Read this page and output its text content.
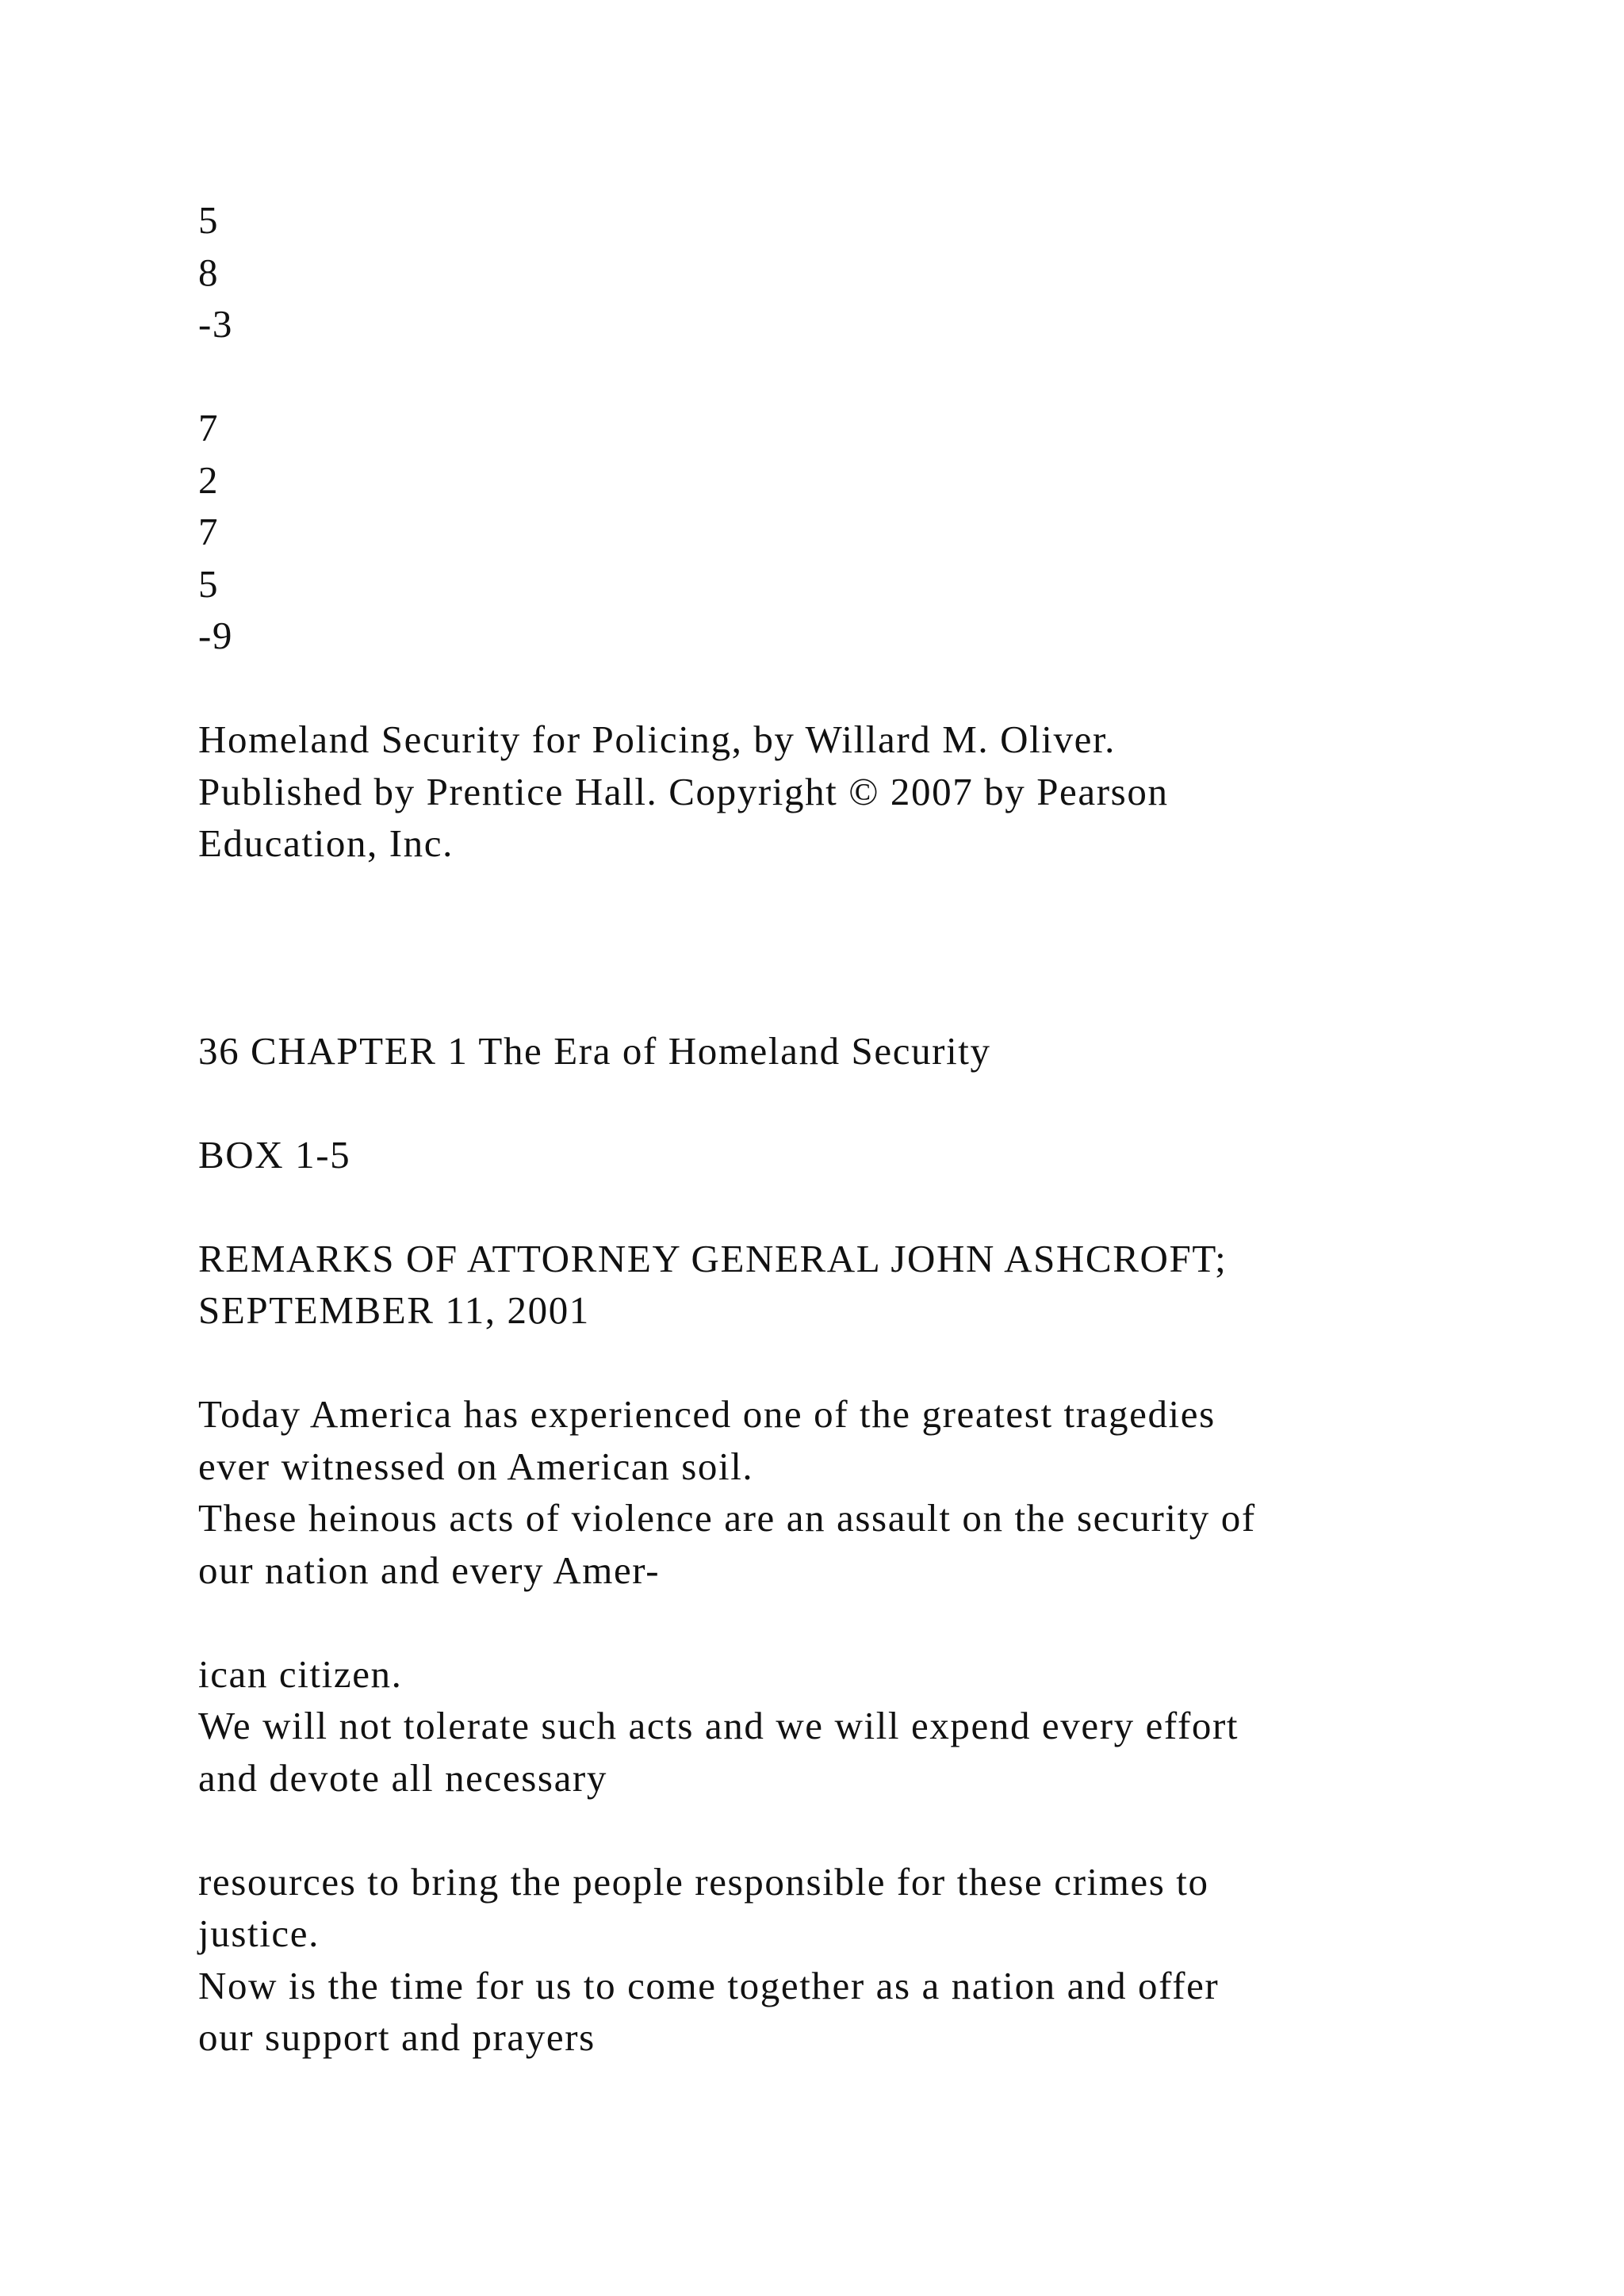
5
8
-3
7
2
7
5
-9
Homeland Security for Policing, by Willard M. Oliver.
Published by Prentice Hall. Copyright © 2007 by Pearson
Education, Inc.
36 CHAPTER 1 The Era of Homeland Security
BOX 1-5
REMARKS OF ATTORNEY GENERAL JOHN ASHCROFT;
SEPTEMBER 11, 2001
Today America has experienced one of the greatest tragedies
ever witnessed on American soil.
These heinous acts of violence are an assault on the security of
our nation and every Amer-
ican citizen.
We will not tolerate such acts and we will expend every effort
and devote all necessary
resources to bring the people responsible for these crimes to
justice.
Now is the time for us to come together as a nation and offer
our support and prayers
